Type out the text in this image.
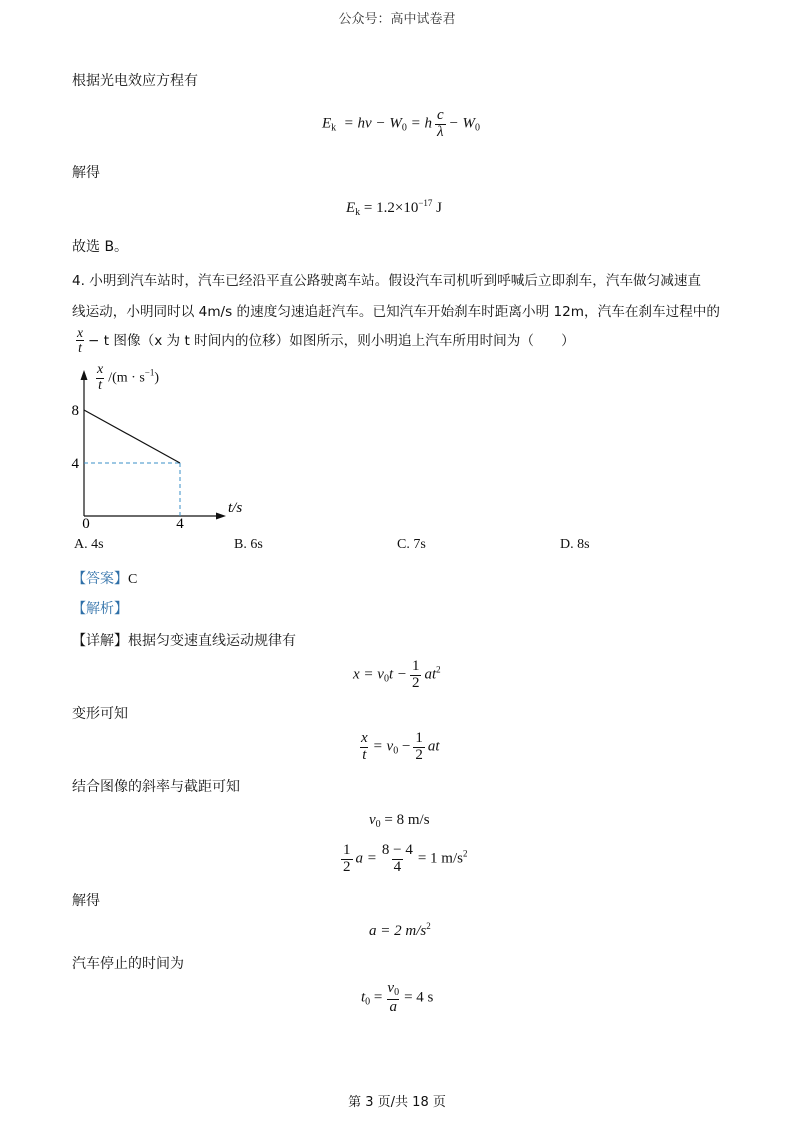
公众号：高中试卷君
根据光电效应方程有
$E_k = h\nu - W_0 = h \frac{c}{\lambda} - W_0$
解得
$E_k = 1.2\times 10^{-17}$ J
故选 B。
4. 小明到汽车站时，汽车已经沿平直公路驶离车站。假设汽车司机听到呼喊后立即刹车，汽车做匀减速直
线运动，小明同时以 4m/s 的速度匀速追赶汽车。已知汽车开始刹车时距离小明 12m，汽车在刹车过程中的
$\frac{x}{t} - t$ 图像（x 为 t 时间内的位移）如图所示，则小明追上汽车所用时间为（　　）
8
4
4
0
t/s
$\frac{x}{t} /(m \cdot s^{-1})$
A. 4s	B. 6s	C. 7s	D. 8s
【答案】C
【解析】
【详解】根据匀变速直线运动规律有
$x = v_0t - \frac{1}{2} at^2$
变形可知
$\frac{x}{t} = v_0 - \frac{1}{2}$ at
结合图像的斜率与截距可知
$v_0 = 8$ m/s
$\frac{1}{2}$ $a = \frac{8 - 4}{4} = 1$ $m/s^2$
解得
a = 2 $m/s^2$
汽车停止的时间为
$t_0 = \frac{v_0}{a} = 4$ s
第 3 页/共 18 页
